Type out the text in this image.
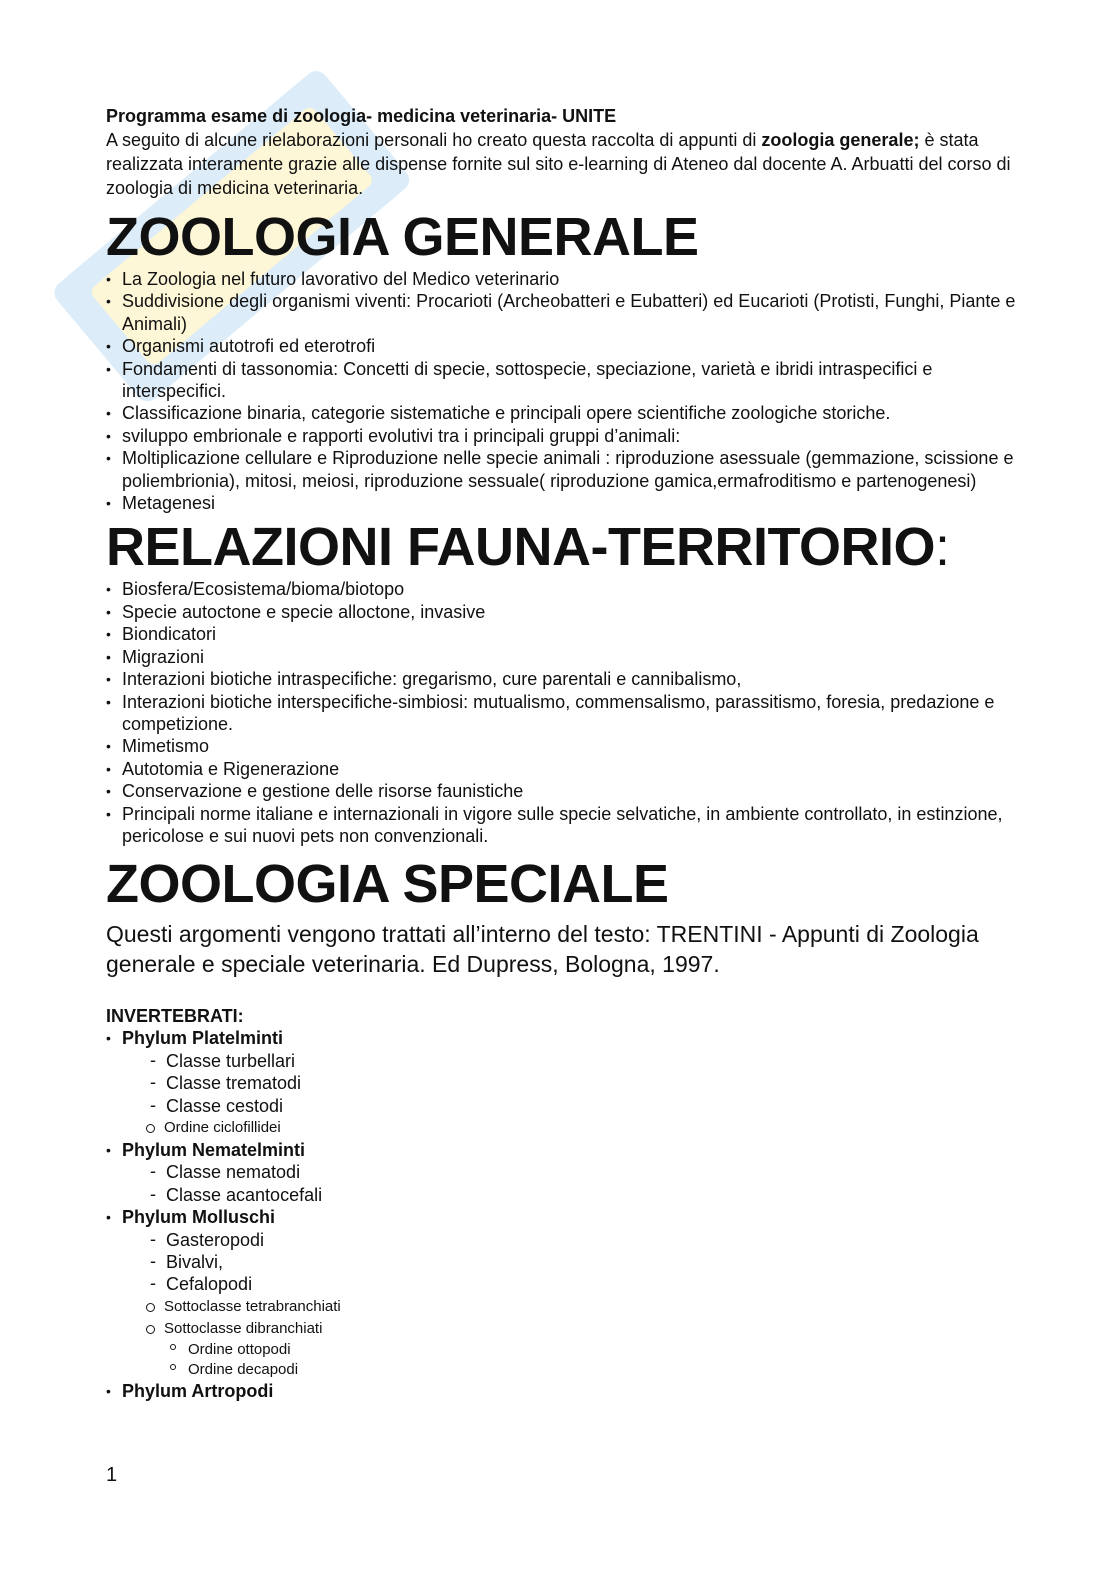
Programma esame di zoologia- medicina veterinaria- UNITE

A seguito di alcune rielaborazioni personali ho creato questa raccolta di appunti di zoologia generale; è stata realizzata interamente grazie alle dispense fornite sul sito e-learning di Ateneo dal docente A. Arbuatti del corso di zoologia di medicina veterinaria.

ZOOLOGIA GENERALE
• La Zoologia nel futuro lavorativo del Medico veterinario
• Suddivisione degli organismi viventi: Procarioti (Archeobatteri e Eubatteri) ed Eucarioti (Protisti, Funghi, Piante e Animali)
• Organismi autotrofi ed eterotrofi
• Fondamenti di tassonomia: Concetti di specie, sottospecie, speciazione, varietà e ibridi intraspecifici e interspecifici.
• Classificazione binaria, categorie sistematiche e principali opere scientifiche zoologiche storiche.
• sviluppo embrionale e rapporti evolutivi tra i principali gruppi d’animali:
• Moltiplicazione cellulare e Riproduzione nelle specie animali : riproduzione asessuale (gemmazione, scissione e poliembrionia), mitosi, meiosi, riproduzione sessuale( riproduzione gamica,ermafroditismo e partenogenesi)
• Metagenesi
RELAZIONI FAUNA-TERRITORIO:
• Biosfera/Ecosistema/bioma/biotopo
• Specie autoctone e specie alloctone, invasive
• Biondicatori
• Migrazioni
• Interazioni biotiche intraspecifiche: gregarismo, cure parentali e cannibalismo,
• Interazioni biotiche interspecifiche-simbiosi: mutualismo, commensalismo, parassitismo, foresia, predazione e competizione.
• Mimetismo
• Autotomia e Rigenerazione
• Conservazione e gestione delle risorse faunistiche
• Principali norme italiane e internazionali in vigore sulle specie selvatiche, in ambiente controllato, in estinzione, pericolose e sui nuovi pets non convenzionali.
ZOOLOGIA SPECIALE

Questi argomenti vengono trattati all’interno del testo: TRENTINI - Appunti di Zoologia generale e speciale veterinaria. Ed Dupress, Bologna, 1997.

INVERTEBRATI:

• Phylum Platelminti
- Classe turbellari
- Classe trematodi
- Classe cestodi
Ordine ciclofillidei
• Phylum Nematelminti
- Classe nematodi
- Classe acantocefali
• Phylum Molluschi
- Gasteropodi
- Bivalvi,
- Cefalopodi
Sottoclasse tetrabranchiati
Sottoclasse dibranchiati
Ordine ottopodi
Ordine decapodi
• Phylum Artropodi
1
